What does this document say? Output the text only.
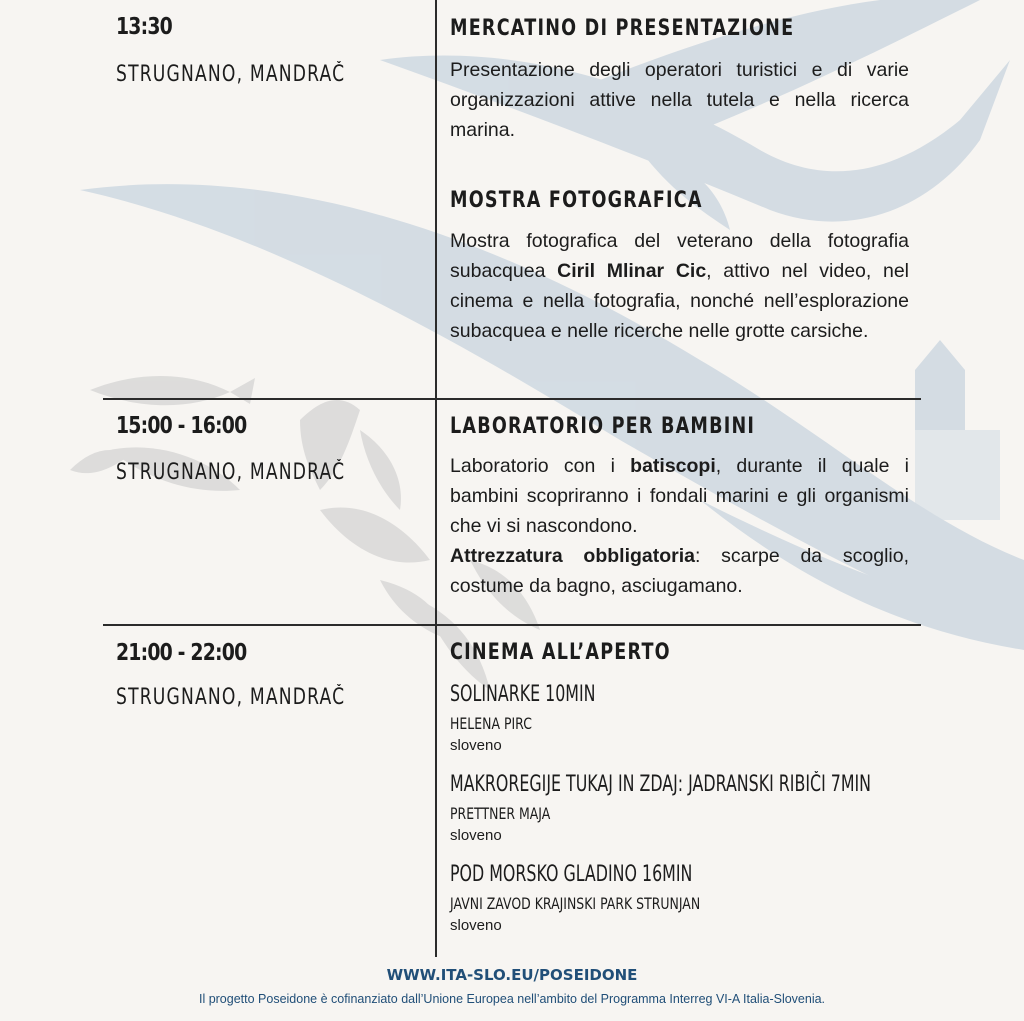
13:30
STRUGNANO, MANDRAČ
MERCATINO DI PRESENTAZIONE
Presentazione degli operatori turistici e di varie organizzazioni attive nella tutela e nella ricerca marina.
MOSTRA FOTOGRAFICA
Mostra fotografica del veterano della fotografia subacquea Ciril Mlinar Cic, attivo nel video, nel cinema e nella fotografia, nonché nell’esplorazione subacquea e nelle ricerche nelle grotte carsiche.
15:00 - 16:00
STRUGNANO, MANDRAČ
LABORATORIO PER BAMBINI
Laboratorio con i batiscopi, durante il quale i bambini scopriranno i fondali marini e gli organismi che vi si nascondono.
Attrezzatura obbligatoria: scarpe da scoglio, costume da bagno, asciugamano.
21:00 - 22:00
STRUGNANO, MANDRAČ
CINEMA ALL’APERTO
SOLINARKE 10MIN
HELENA PIRC
sloveno
MAKROREGIJE TUKAJ IN ZDAJ: JADRANSKI RIBIČI 7MIN
PRETTNER MAJA
sloveno
POD MORSKO GLADINO 16MIN
JAVNI ZAVOD KRAJINSKI PARK STRUNJAN
sloveno
WWW.ITA-SLO.EU/POSEIDONE
Il progetto Poseidone è cofinanziato dall’Unione Europea nell’ambito del Programma Interreg VI-A Italia-Slovenia.
